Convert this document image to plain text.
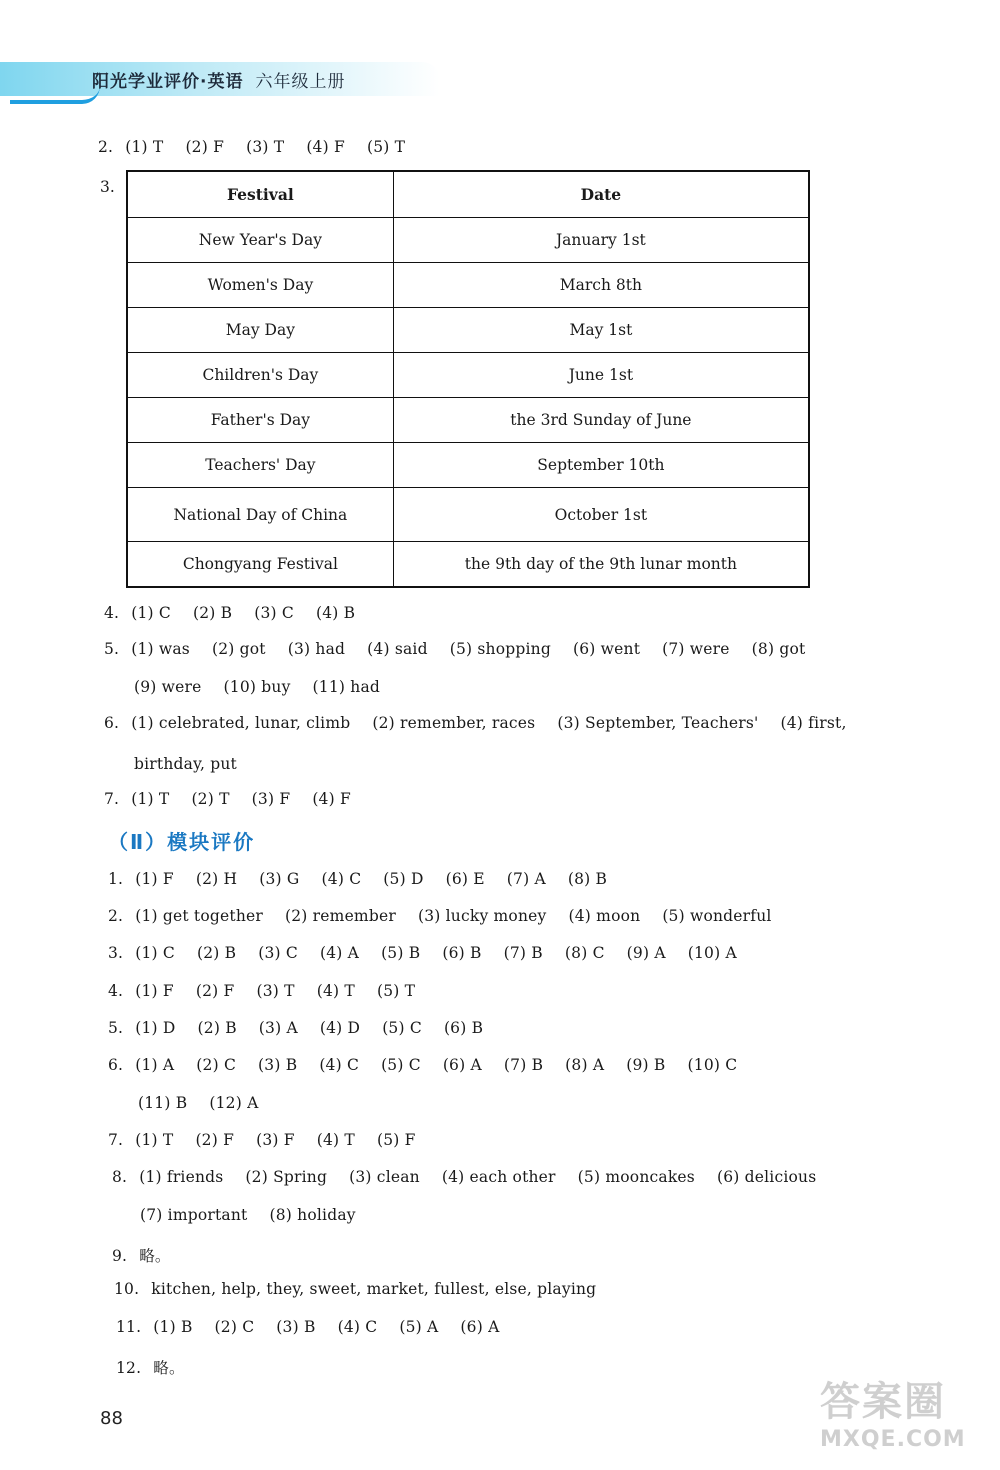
阳光学业评价·英语 六年级上册
2. (1) T (2) F (3) T (4) F (5) T
4. (1) C (2) B (3) C (4) B
5. (1) was (2) got (3) had (4) said (5) shopping (6) went (7) were (8) got
(9) were (10) buy (11) had
6. (1) celebrated, lunar, climb (2) remember, races (3) September, Teachers' (4) first,
birthday, put
7. (1) T (2) T (3) F (4) F
1. (1) F (2) H (3) G (4) C (5) D (6) E (7) A (8) B
2. (1) get together (2) remember (3) lucky money (4) moon (5) wonderful
3. (1) C (2) B (3) C (4) A (5) B (6) B (7) B (8) C (9) A (10) A
4. (1) F (2) F (3) T (4) T (5) T
5. (1) D (2) B (3) A (4) D (5) C (6) B
6. (1) A (2) C (3) B (4) C (5) C (6) A (7) B (8) A (9) B (10) C
(11) B (12) A
7. (1) T (2) F (3) F (4) T (5) F
8. (1) friends (2) Spring (3) clean (4) each other (5) mooncakes (6) delicious
(7) important (8) holiday
9. 略。
10. kitchen, help, they, sweet, market, fullest, else, playing
11. (1) B (2) C (3) B (4) C (5) A (6) A
12. 略。
3.	Festival	Date
New Year's Day	January 1st
Women's Day	March 8th
May Day	May 1st
Children's Day	June 1st
Father's Day	the 3rd Sunday of June
Teachers' Day	September 10th
National Day of China	October 1st
Chongyang Festival	the 9th day of the 9th lunar month
（Ⅱ）模块评价
88	答案圈
MXQE.COM
